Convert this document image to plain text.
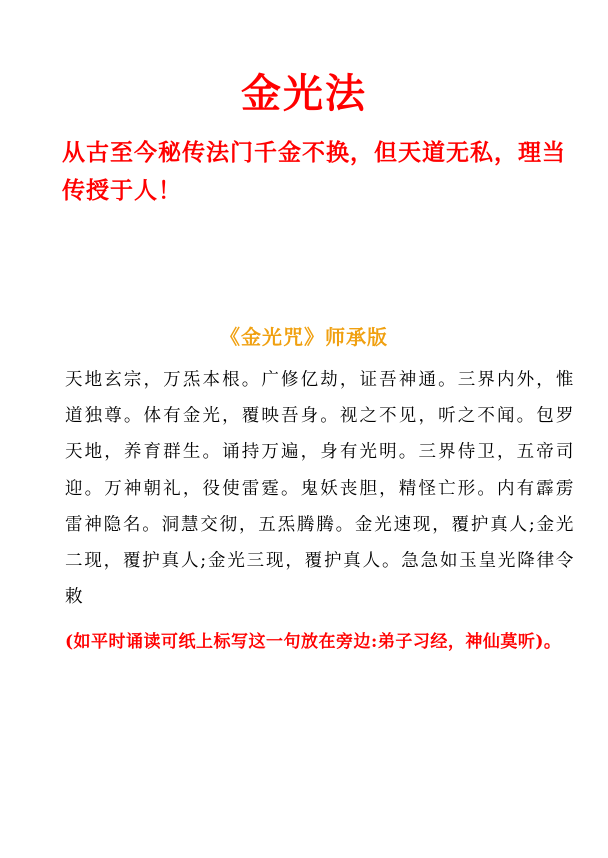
金光法
从古至今秘传法门千金不换，但天道无私，理当传授于人！
《金光咒》师承版
天地玄宗，万炁本根。广修亿劫，证吾神通。三界内外，惟道独尊。体有金光，覆映吾身。视之不见，听之不闻。包罗天地，养育群生。诵持万遍，身有光明。三界侍卫，五帝司迎。万神朝礼，役使雷霆。鬼妖丧胆，精怪亡形。内有霹雳雷神隐名。洞慧交彻，五炁腾腾。金光速现，覆护真人;金光二现，覆护真人;金光三现，覆护真人。急急如玉皇光降律令敕
(如平时诵读可纸上标写这一句放在旁边:弟子习经，神仙莫听)。
